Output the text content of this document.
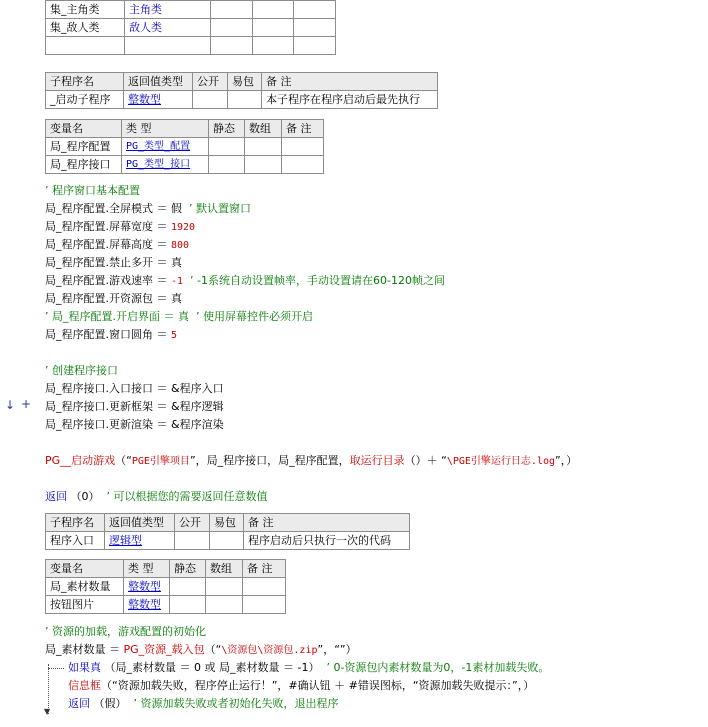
集_主角类	主角类			
集_敌人类	敌人类			

子程序名	返回值类型	公开	易包	备 注
_启动子程序	整数型			本子程序在程序启动后最先执行
变量名	类 型	静态	数组	备 注
局_程序配置	PG_类型_配置			
局_程序接口	PG_类型_接口			
’ 程序窗口基本配置
局_程序配置.全屏模式 ＝ 假 ’ 默认置窗口
局_程序配置.屏幕宽度 ＝ 1920
局_程序配置.屏幕高度 ＝ 800
局_程序配置.禁止多开 ＝ 真
局_程序配置.游戏速率 ＝ -1 ’ -1系统自动设置帧率，手动设置请在60-120帧之间
局_程序配置.开资源包 ＝ 真
’ 局_程序配置.开启界面 ＝ 真  ’ 使用屏幕控件必须开启
局_程序配置.窗口圆角 ＝ 5
’ 创建程序接口
局_程序接口.入口接口 ＝ &程序入口
局_程序接口.更新框架 ＝ &程序逻辑
局_程序接口.更新渲染 ＝ &程序渲染
↓ +
PG__启动游戏（“PGE引擎项目”，局_程序接口，局_程序配置，取运行目录（）＋ “\PGE引擎运行日志.log”，）
返回 （0） ’ 可以根据您的需要返回任意数值
子程序名	返回值类型	公开	易包	备 注
程序入口	逻辑型			程序启动后只执行一次的代码
变量名	类 型	静态	数组	备 注
局_素材数量	整数型			
按钮图片	整数型			
’ 资源的加载，游戏配置的初始化
局_素材数量 ＝ PG_资源_载入包（“\资源包\资源包.zip”，“”）
▼
如果真 （局_素材数量 ＝ 0 或 局_素材数量 ＝ -1） ’ 0-资源包内素材数量为0，-1素材加载失败。
信息框（“资源加载失败，程序停止运行！”，#确认钮 ＋ #错误图标，“资源加载失败提示：”，）
返回 （假） ’ 资源加载失败或者初始化失败，退出程序
